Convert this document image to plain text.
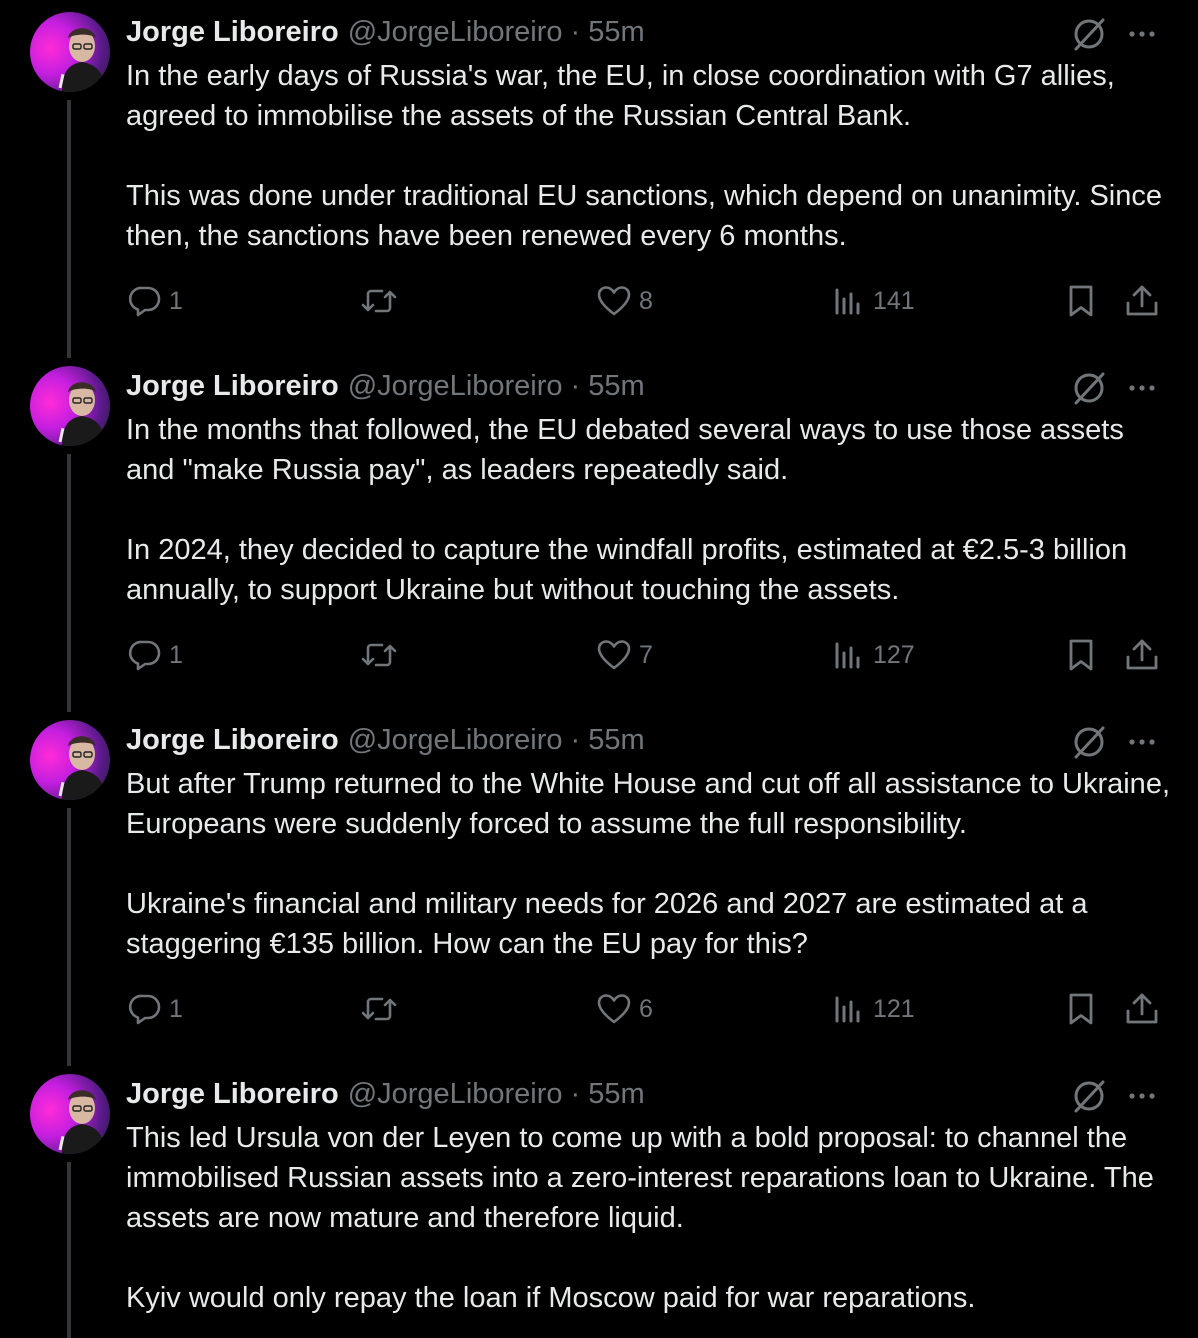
Jorge Liboreiro @JorgeLiboreiro · 55m

In the early days of Russia's war, the EU, in close coordination with G7 allies, agreed to immobilise the assets of the Russian Central Bank.

This was done under traditional EU sanctions, which depend on unanimity. Since then, the sanctions have been renewed every 6 months.

1	8	141
Jorge Liboreiro @JorgeLiboreiro · 55m

In the months that followed, the EU debated several ways to use those assets and "make Russia pay", as leaders repeatedly said.

In 2024, they decided to capture the windfall profits, estimated at €2.5-3 billion annually, to support Ukraine but without touching the assets.

1	7	127
Jorge Liboreiro @JorgeLiboreiro · 55m

But after Trump returned to the White House and cut off all assistance to Ukraine, Europeans were suddenly forced to assume the full responsibility.

Ukraine's financial and military needs for 2026 and 2027 are estimated at a staggering €135 billion. How can the EU pay for this?

1	6	121
Jorge Liboreiro @JorgeLiboreiro · 55m

This led Ursula von der Leyen to come up with a bold proposal: to channel the immobilised Russian assets into a zero-interest reparations loan to Ukraine. The assets are now mature and therefore liquid.

Kyiv would only repay the loan if Moscow paid for war reparations.
